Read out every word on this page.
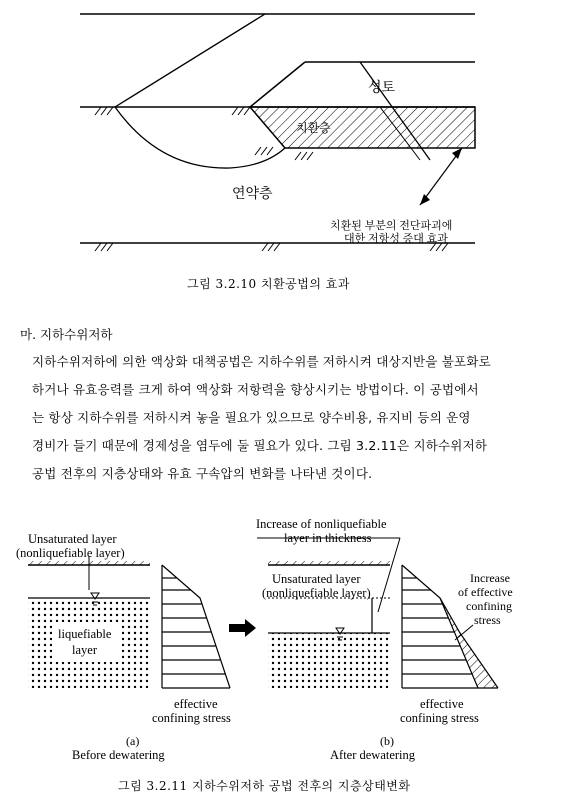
성토
치환층
연약층
치환된 부분의 전단파괴에
대한 저항성 증대 효과
그림 3.2.10 치환공법의 효과
마. 지하수위저하

지하수위저하에 의한 액상화 대책공법은 지하수위를 저하시켜 대상지반을 불포화로

하거나 유효응력를 크게 하여 액상화 저항력을 향상시키는 방법이다. 이 공법에서

는 항상 지하수위를 저하시켜 놓을 필요가 있으므로 양수비용, 유지비 등의 운영

경비가 들기 때문에 경제성을 염두에 둘 필요가 있다. 그림 3.2.11은 지하수위저하

공법 전후의 지층상태와 유효 구속압의 변화를 나타낸 것이다.

Unsaturated layer
(nonliquefiable layer)
liquefiable
layer
effective
confining stress
(a)
Before dewatering
Increase of nonliquefiable
layer in thickness
Unsaturated layer
(nonliquefiable layer)
Increase
of effective
confining
stress
effective
confining stress
(b)
After dewatering
그림 3.2.11 지하수위저하 공법 전후의 지층상태변화
